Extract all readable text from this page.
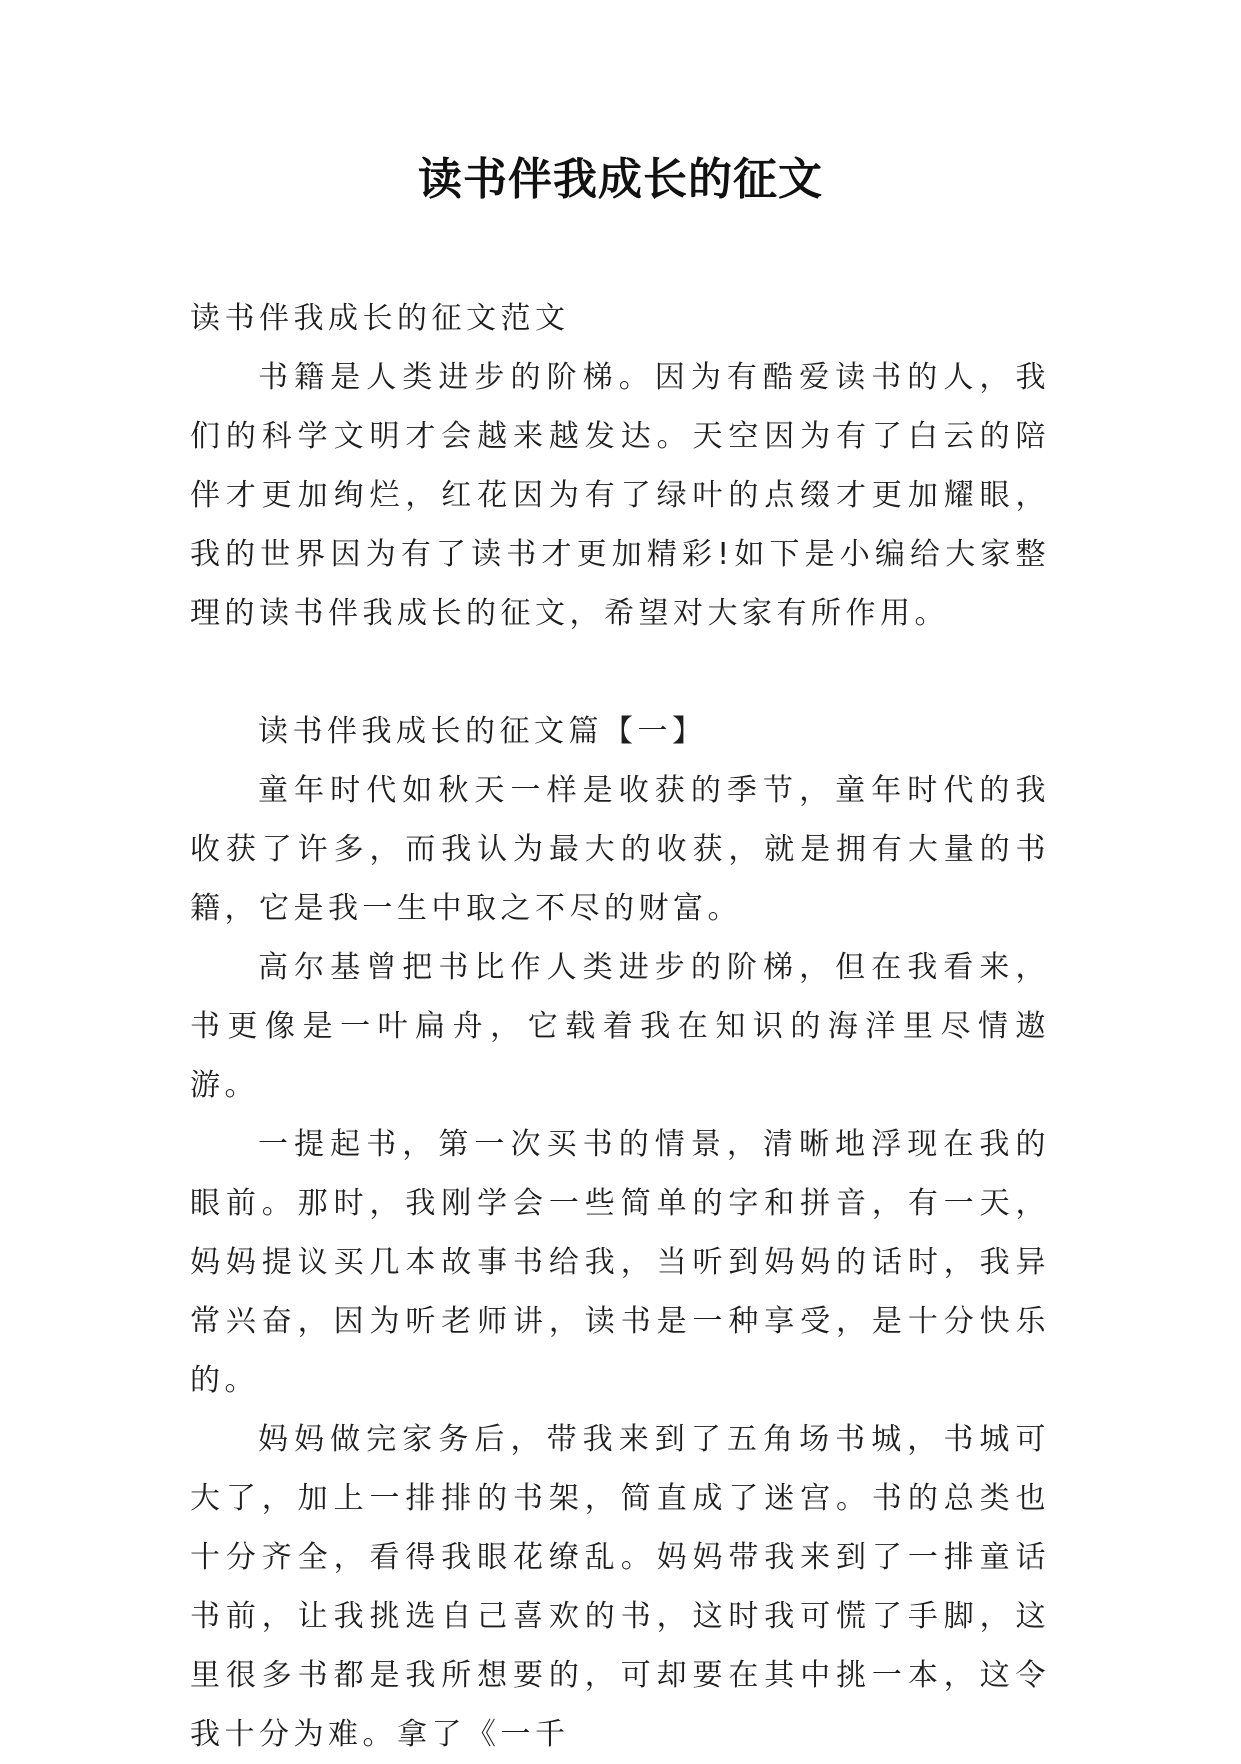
读书伴我成长的征文

读书伴我成长的征文范文

书籍是人类进步的阶梯。因为有酷爱读书的人，我们的科学文明才会越来越发达。天空因为有了白云的陪伴才更加绚烂，红花因为有了绿叶的点缀才更加耀眼，我的世界因为有了读书才更加精彩!如下是小编给大家整理的读书伴我成长的征文，希望对大家有所作用。

读书伴我成长的征文篇【一】

童年时代如秋天一样是收获的季节，童年时代的我收获了许多，而我认为最大的收获，就是拥有大量的书籍，它是我一生中取之不尽的财富。

高尔基曾把书比作人类进步的阶梯，但在我看来，书更像是一叶扁舟，它载着我在知识的海洋里尽情遨游。

一提起书，第一次买书的情景，清晰地浮现在我的眼前。那时，我刚学会一些简单的字和拼音，有一天，妈妈提议买几本故事书给我，当听到妈妈的话时，我异常兴奋，因为听老师讲，读书是一种享受，是十分快乐的。

妈妈做完家务后，带我来到了五角场书城，书城可大了，加上一排排的书架，简直成了迷宫。书的总类也十分齐全，看得我眼花缭乱。妈妈带我来到了一排童话书前，让我挑选自己喜欢的书，这时我可慌了手脚，这里很多书都是我所想要的，可却要在其中挑一本，这令我十分为难。拿了《一千
